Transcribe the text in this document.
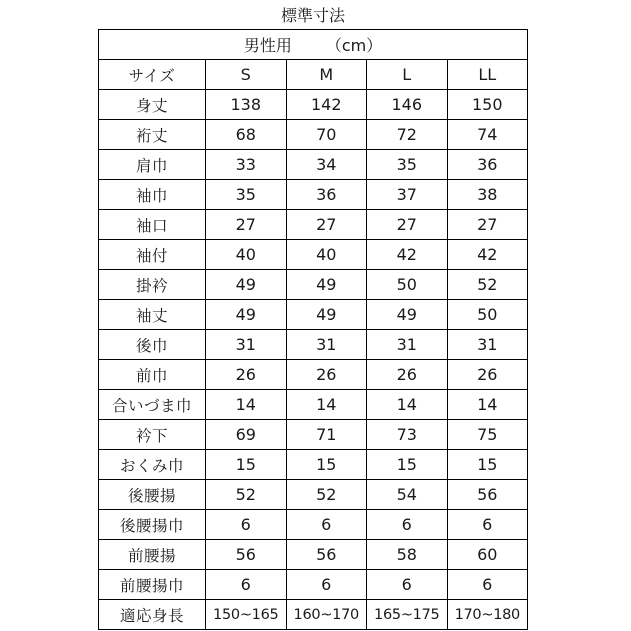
標準寸法				
男性用 （cm）				
サイズ	S	M	L	LL
身丈	138	142	146	150
裄丈	68	70	72	74
肩巾	33	34	35	36
袖巾	35	36	37	38
袖口	27	27	27	27
袖付	40	40	42	42
掛衿	49	49	50	52
袖丈	49	49	49	50
後巾	31	31	31	31
前巾	26	26	26	26
合いづま巾	14	14	14	14
衿下	69	71	73	75
おくみ巾	15	15	15	15
後腰揚	52	52	54	56
後腰揚巾	6	6	6	6
前腰揚	56	56	58	60
前腰揚巾	6	6	6	6
適応身長	150~165	160~170	165~175	170~180
